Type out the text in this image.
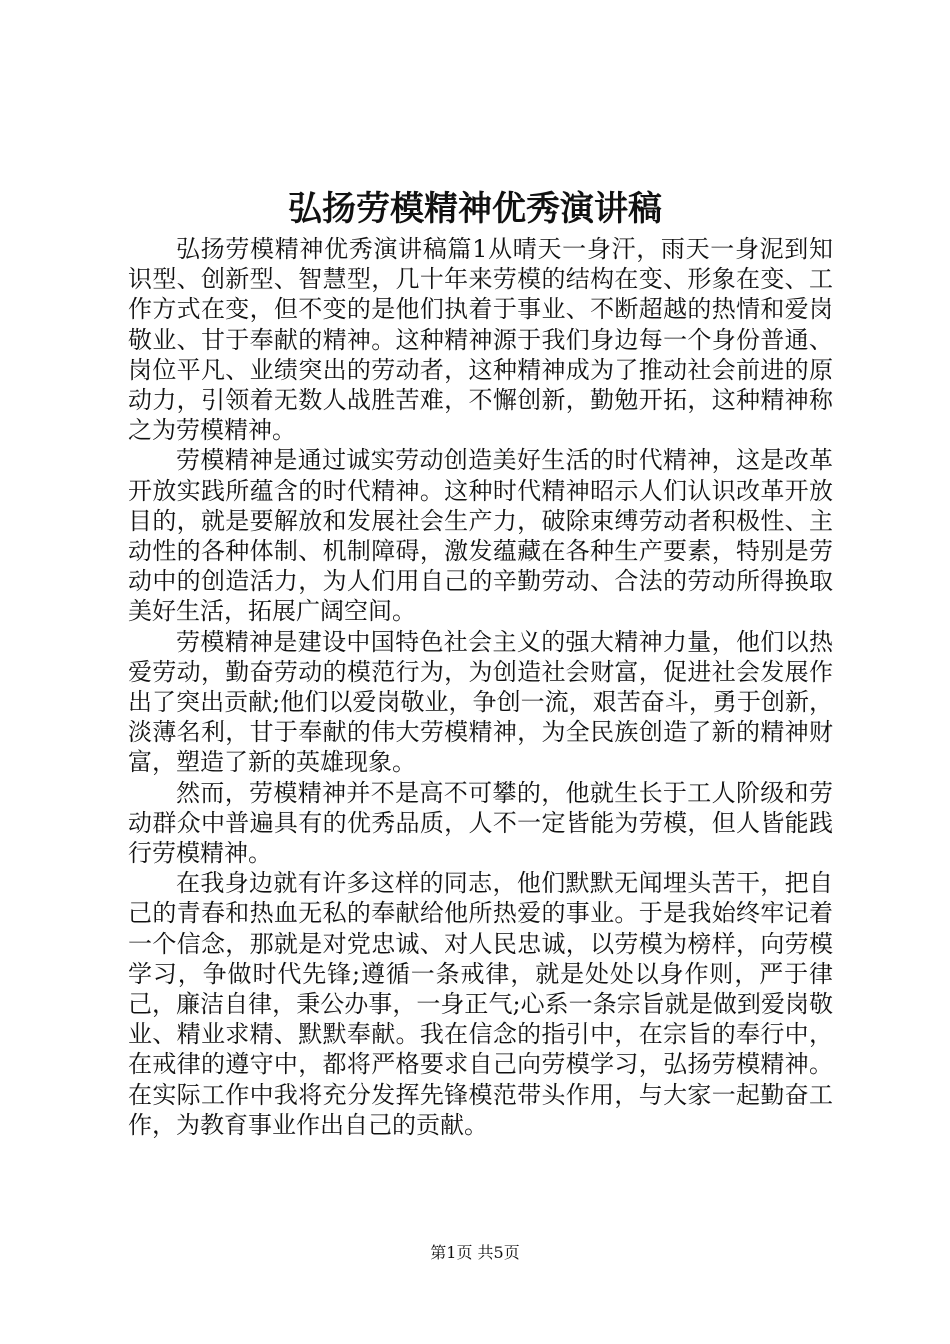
弘扬劳模精神优秀演讲稿

弘扬劳模精神优秀演讲稿篇1从晴天一身汗，雨天一身泥到知识型、创新型、智慧型，几十年来劳模的结构在变、形象在变、工作方式在变，但不变的是他们执着于事业、不断超越的热情和爱岗敬业、甘于奉献的精神。这种精神源于我们身边每一个身份普通、岗位平凡、业绩突出的劳动者，这种精神成为了推动社会前进的原动力，引领着无数人战胜苦难，不懈创新，勤勉开拓，这种精神称之为劳模精神。

劳模精神是通过诚实劳动创造美好生活的时代精神，这是改革开放实践所蕴含的时代精神。这种时代精神昭示人们认识改革开放目的，就是要解放和发展社会生产力，破除束缚劳动者积极性、主动性的各种体制、机制障碍，激发蕴藏在各种生产要素，特别是劳动中的创造活力，为人们用自己的辛勤劳动、合法的劳动所得换取美好生活，拓展广阔空间。

劳模精神是建设中国特色社会主义的强大精神力量，他们以热爱劳动，勤奋劳动的模范行为，为创造社会财富，促进社会发展作出了突出贡献;他们以爱岗敬业，争创一流，艰苦奋斗，勇于创新，淡薄名利，甘于奉献的伟大劳模精神，为全民族创造了新的精神财富，塑造了新的英雄现象。

然而，劳模精神并不是高不可攀的，他就生长于工人阶级和劳动群众中普遍具有的优秀品质，人不一定皆能为劳模，但人皆能践行劳模精神。

在我身边就有许多这样的同志，他们默默无闻埋头苦干，把自己的青春和热血无私的奉献给他所热爱的事业。于是我始终牢记着一个信念，那就是对党忠诚、对人民忠诚，以劳模为榜样，向劳模学习，争做时代先锋;遵循一条戒律，就是处处以身作则，严于律己，廉洁自律，秉公办事，一身正气;心系一条宗旨就是做到爱岗敬业、精业求精、默默奉献。我在信念的指引中，在宗旨的奉行中，在戒律的遵守中，都将严格要求自己向劳模学习，弘扬劳模精神。在实际工作中我将充分发挥先锋模范带头作用，与大家一起勤奋工作，为教育事业作出自己的贡献。

第1页 共5页
